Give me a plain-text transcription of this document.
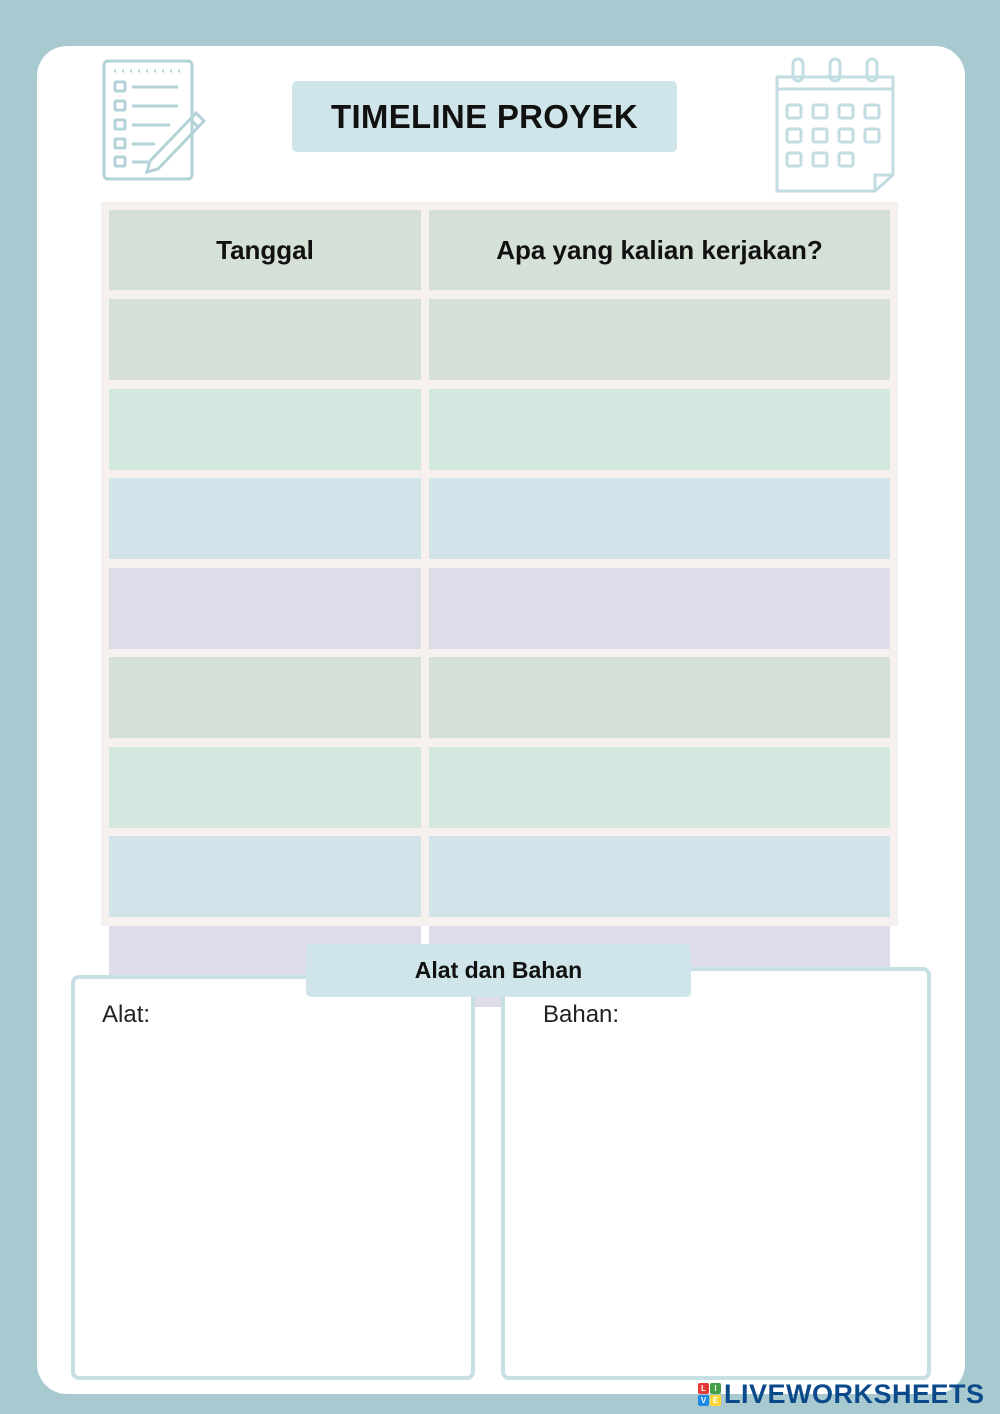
TIMELINE PROYEK
Tanggal	Apa yang kalian kerjakan?
Alat:	Bahan:
Alat dan Bahan
L	I
V E LIVEWORKSHEETS
